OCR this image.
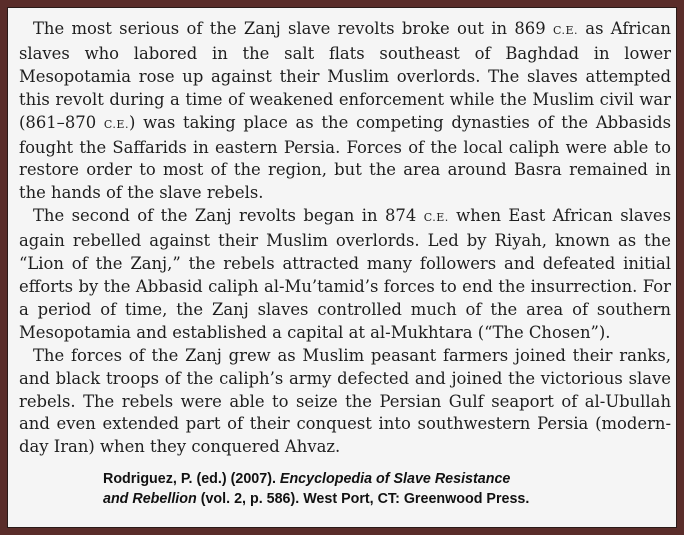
The most serious of the Zanj slave revolts broke out in 869 C.E. as African slaves who labored in the salt flats southeast of Baghdad in lower Mesopotamia rose up against their Muslim overlords. The slaves attempted this revolt during a time of weakened enforcement while the Muslim civil war (861–870 C.E.) was taking place as the competing dynasties of the Abbasids fought the Saffarids in eastern Persia. Forces of the local caliph were able to restore order to most of the region, but the area around Basra remained in the hands of the slave rebels.

The second of the Zanj revolts began in 874 C.E. when East African slaves again rebelled against their Muslim overlords. Led by Riyah, known as the “Lion of the Zanj,” the rebels attracted many followers and defeated initial efforts by the Abbasid caliph al-Mu’tamid’s forces to end the insurrection. For a period of time, the Zanj slaves controlled much of the area of southern Mesopotamia and established a capital at al-Mukhtara (“The Chosen”).

The forces of the Zanj grew as Muslim peasant farmers joined their ranks, and black troops of the caliph’s army defected and joined the victorious slave rebels. The rebels were able to seize the Persian Gulf seaport of al-Ubullah and even extended part of their conquest into southwestern Persia (modern-day Iran) when they conquered Ahvaz.

Rodriguez, P. (ed.) (2007). Encyclopedia of Slave Resistance
and Rebellion (vol. 2, p. 586). West Port, CT: Greenwood Press.
